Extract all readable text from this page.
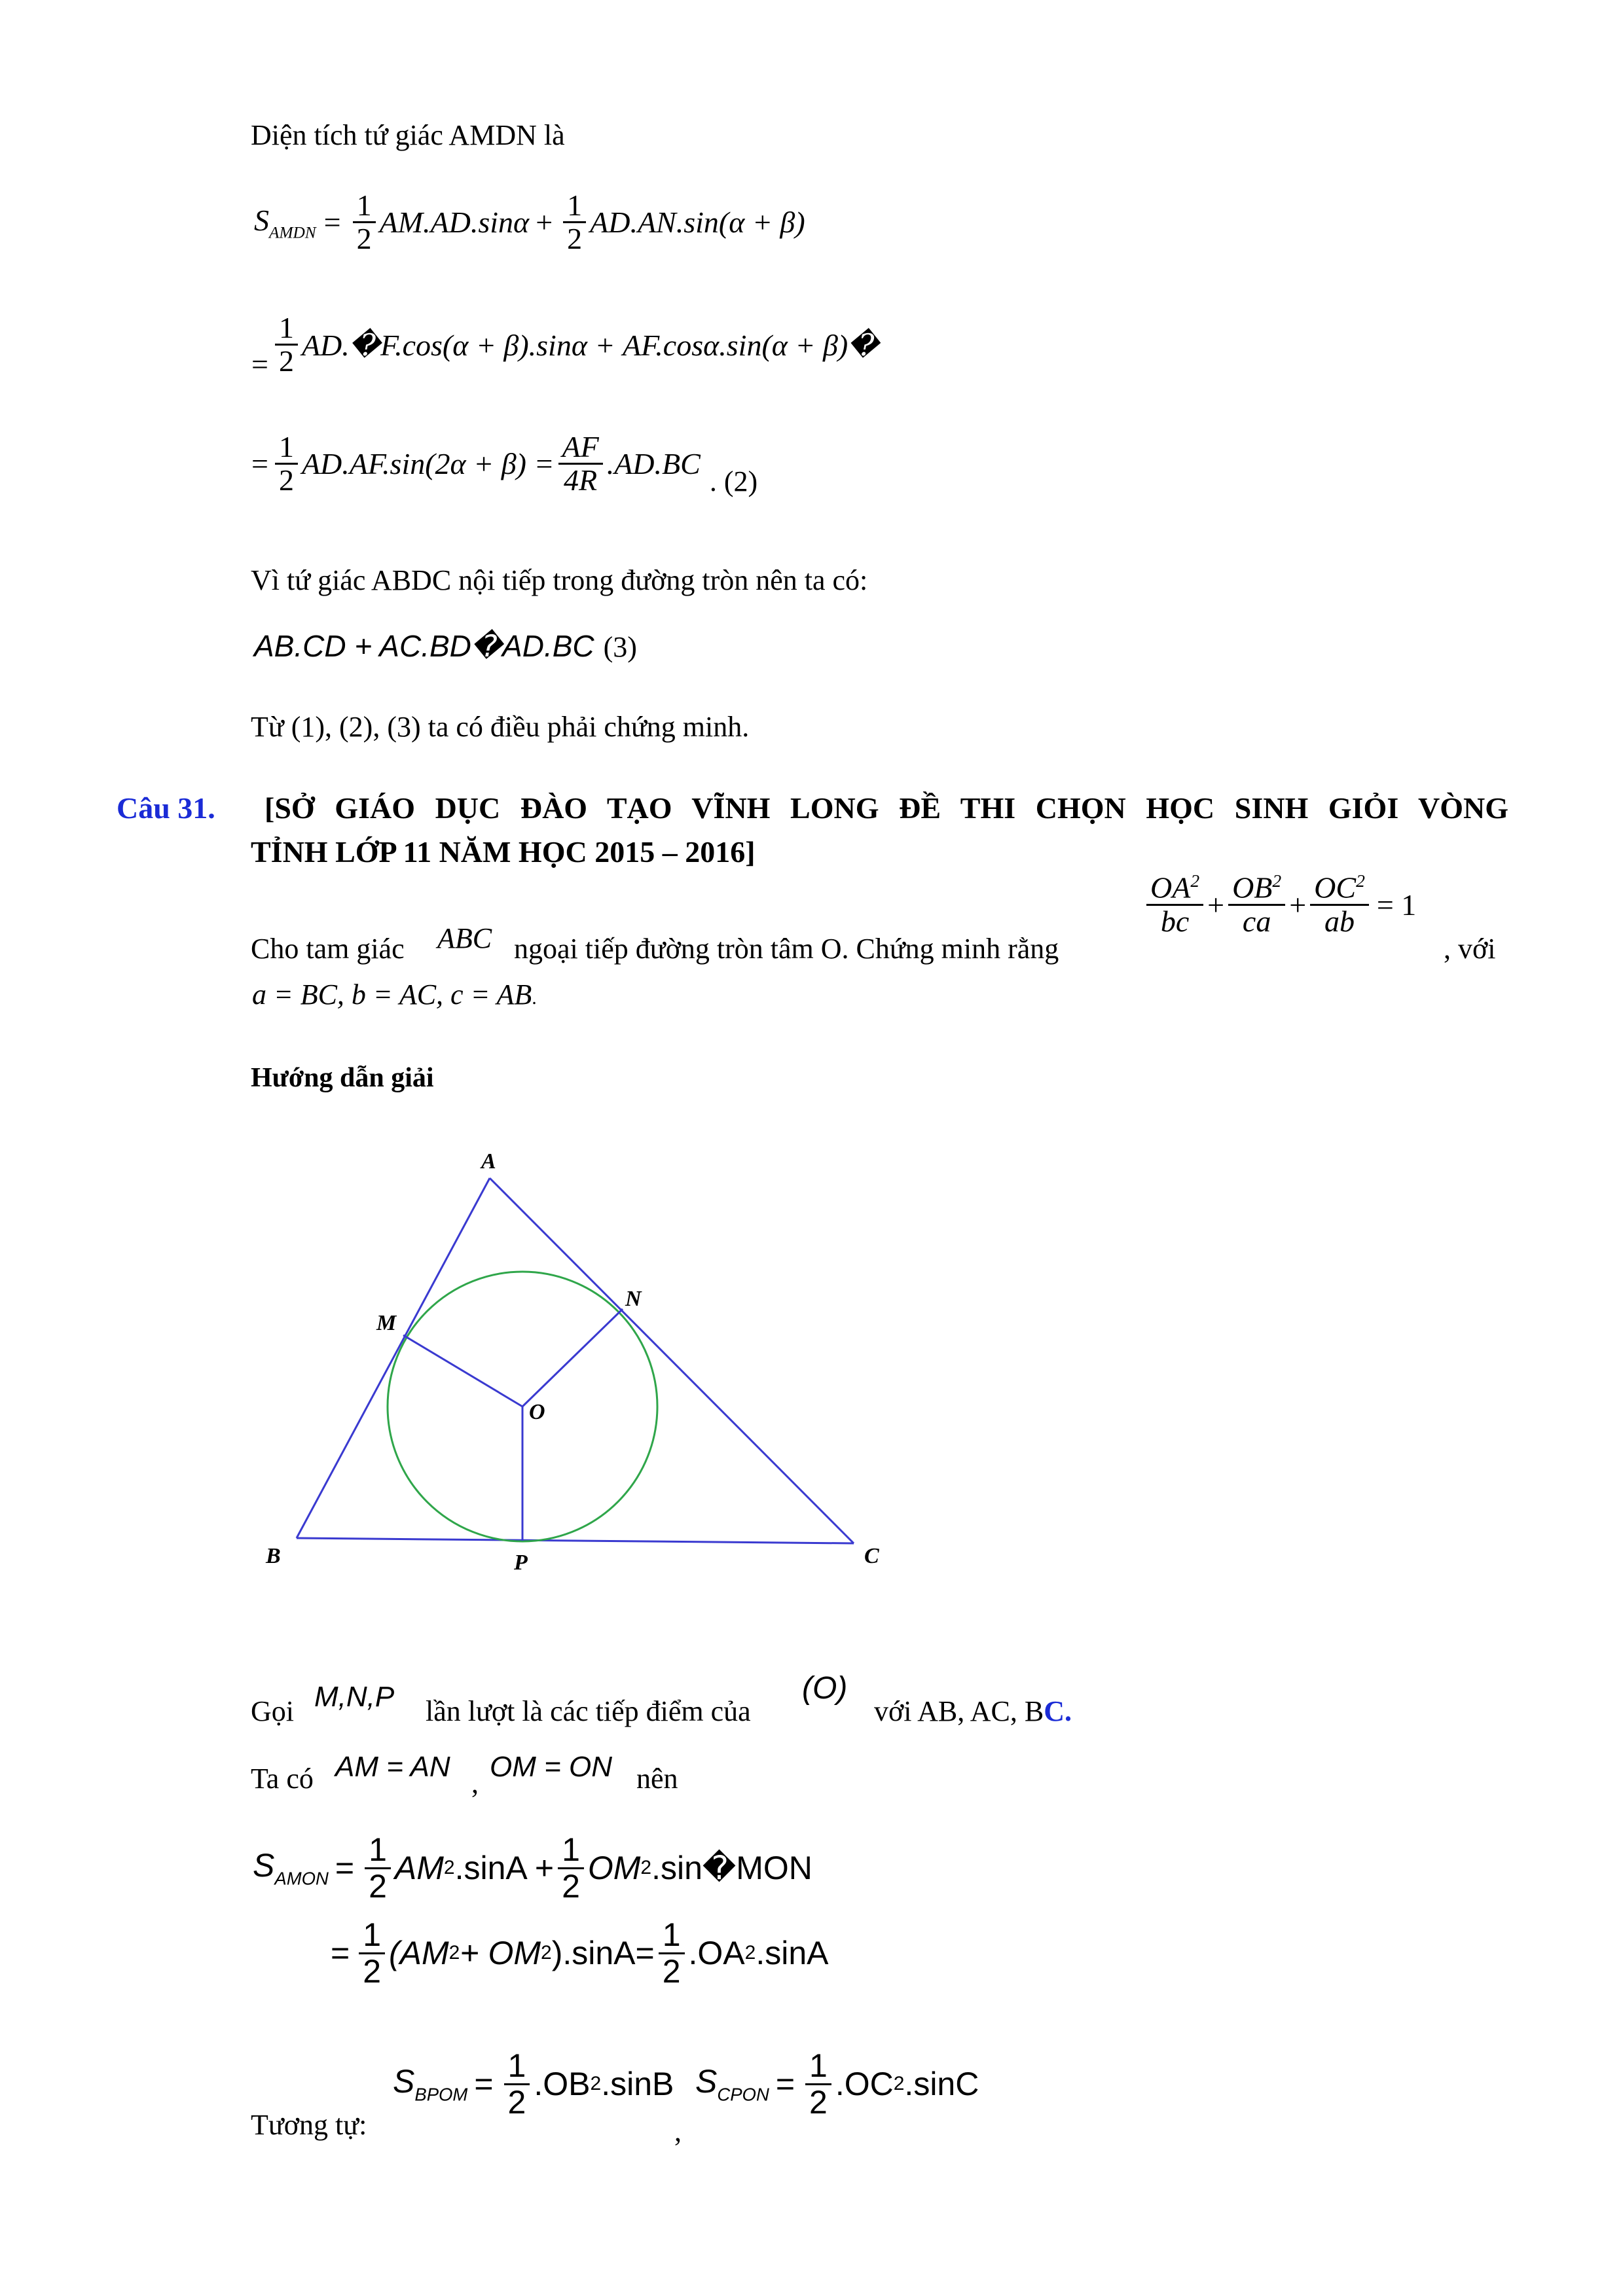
Diện tích tứ giác AMDN là
$S_{AMDN} = \frac{1}{2} AM.AD.\sin\alpha + \frac{1}{2} AD.AN.\sin(\alpha + \beta)$
= $\frac{1}{2}$ AD.�F.cos(α + β).sinα + AF.cosα.sin(α + β)�
= $\frac{1}{2} AD.AF.\sin(2\alpha + \beta) = \frac{AF}{4R} .AD.BC$
. (2)
Vì tứ giác ABDC nội tiếp trong đường tròn nên ta có:
AB.CD + AC.BD�AD.BC (3)
Từ (1), (2), (3) ta có điều phải chứng minh.
Câu 31. [SỞ GIÁO DỤC ĐÀO TẠO VĨNH LONG ĐỀ THI CHỌN HỌC SINH GIỎI VÒNG
TỈNH LỚP 11 NĂM HỌC 2015 – 2016]
Cho tam giác ABC ngoại tiếp đường tròn tâm O. Chứng minh rằng
$\frac{OA^2}{bc} + \frac{OB^2}{ca} + \frac{OC^2}{ab} = 1$
, với
a = BC, b = AC, c = AB.
Hướng dẫn giải
A
B	C
M
N
O
P
Gọi M,N,P lần lượt là các tiếp điểm của
(O)
với AB, AC, BC.
Ta có AM = AN
,
OM = ON nên
$S_{AMON} = \frac{1}{2}$ AM 2 $.\sin A + \frac{1}{2}$ OM 2 .sin � MON
= $\frac{1}{2} (AM$ 2 + OM 2 )$.\sin A= \frac{1}{2} .OA$ 2 .sinA
Tương tự:
$S_{BPOM} = \frac{1}{2} .OB$ 2 .sinB
,
$S_{CPON} = \frac{1}{2} .OC$ 2 .sinC
